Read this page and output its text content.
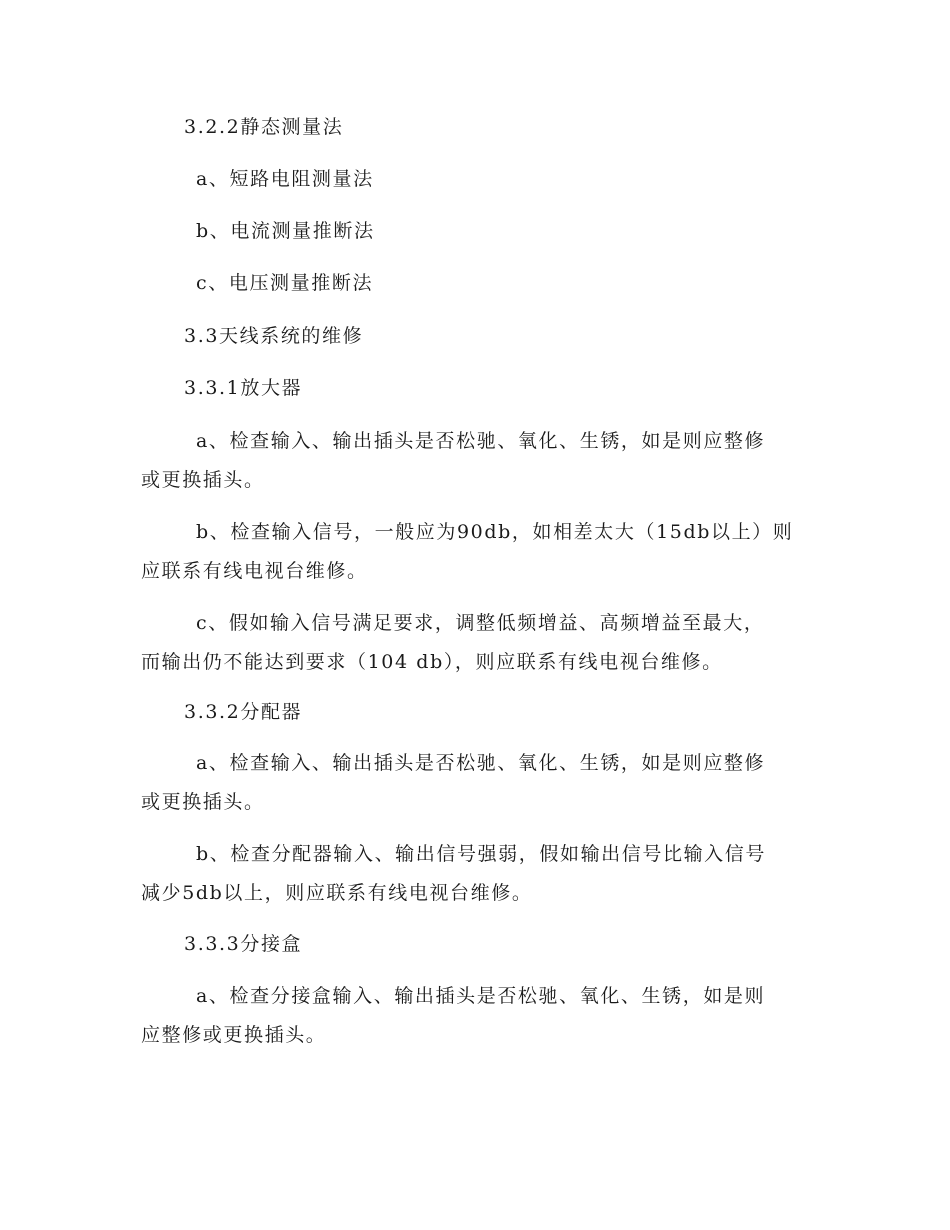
3.2.2静态测量法
a、短路电阻测量法
b、电流测量推断法
c、电压测量推断法
3.3天线系统的维修
3.3.1放大器
a、检查输入、输出插头是否松驰、氧化、生锈，如是则应整修
或更换插头。
b、检查输入信号，一般应为90db，如相差太大（15db以上）则
应联系有线电视台维修。
c、假如输入信号满足要求，调整低频增益、高频增益至最大，
而输出仍不能达到要求（104 db），则应联系有线电视台维修。
3.3.2分配器
a、检查输入、输出插头是否松驰、氧化、生锈，如是则应整修
或更换插头。
b、检查分配器输入、输出信号强弱，假如输出信号比输入信号
减少5db以上，则应联系有线电视台维修。
3.3.3分接盒
a、检查分接盒输入、输出插头是否松驰、氧化、生锈，如是则
应整修或更换插头。
